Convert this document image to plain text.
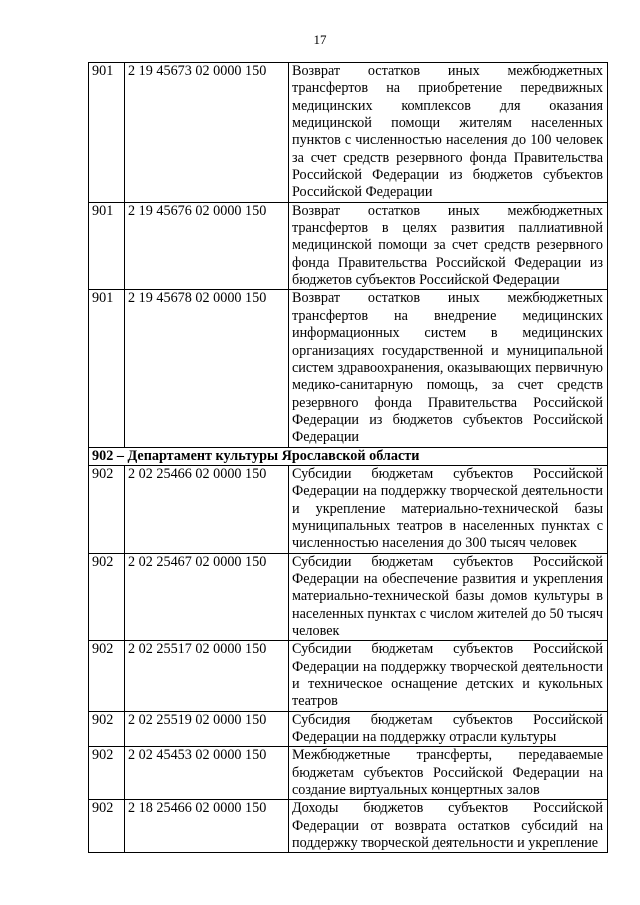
17
901	2 19 45673 02 0000 150	Возврат остатков иных межбюджетных трансфертов на приобретение передвижных медицинских комплексов для оказания медицинской помощи жителям населенных пунктов с численностью населения до 100 человек за счет средств резервного фонда Правительства Российской Федерации из бюджетов субъектов Российской Федерации
901	2 19 45676 02 0000 150	Возврат остатков иных межбюджетных трансфертов в целях развития паллиативной медицинской помощи за счет средств резервного фонда Правительства Российской Федерации из бюджетов субъектов Российской Федерации
901	2 19 45678 02 0000 150	Возврат остатков иных межбюджетных трансфертов на внедрение медицинских информационных систем в медицинских организациях государственной и муниципальной систем здравоохранения, оказывающих первичную медико-санитарную помощь, за счет средств резервного фонда Правительства Российской Федерации из бюджетов субъектов Российской Федерации
902 – Департамент культуры Ярославской области		
902	2 02 25466 02 0000 150	Субсидии бюджетам субъектов Российской Федерации на поддержку творческой деятельности и укрепление материально-технической базы муниципальных театров в населенных пунктах с численностью населения до 300 тысяч человек
902	2 02 25467 02 0000 150	Субсидии бюджетам субъектов Российской Федерации на обеспечение развития и укрепления материально-технической базы домов культуры в населенных пунктах с числом жителей до 50 тысяч человек
902	2 02 25517 02 0000 150	Субсидии бюджетам субъектов Российской Федерации на поддержку творческой деятельности и техническое оснащение детских и кукольных театров
902	2 02 25519 02 0000 150	Субсидия бюджетам субъектов Российской Федерации на поддержку отрасли культуры
902	2 02 45453 02 0000 150	Межбюджетные трансферты, передаваемые бюджетам субъектов Российской Федерации на создание виртуальных концертных залов
902	2 18 25466 02 0000 150	Доходы бюджетов субъектов Российской Федерации от возврата остатков субсидий на поддержку творческой деятельности и укрепление
